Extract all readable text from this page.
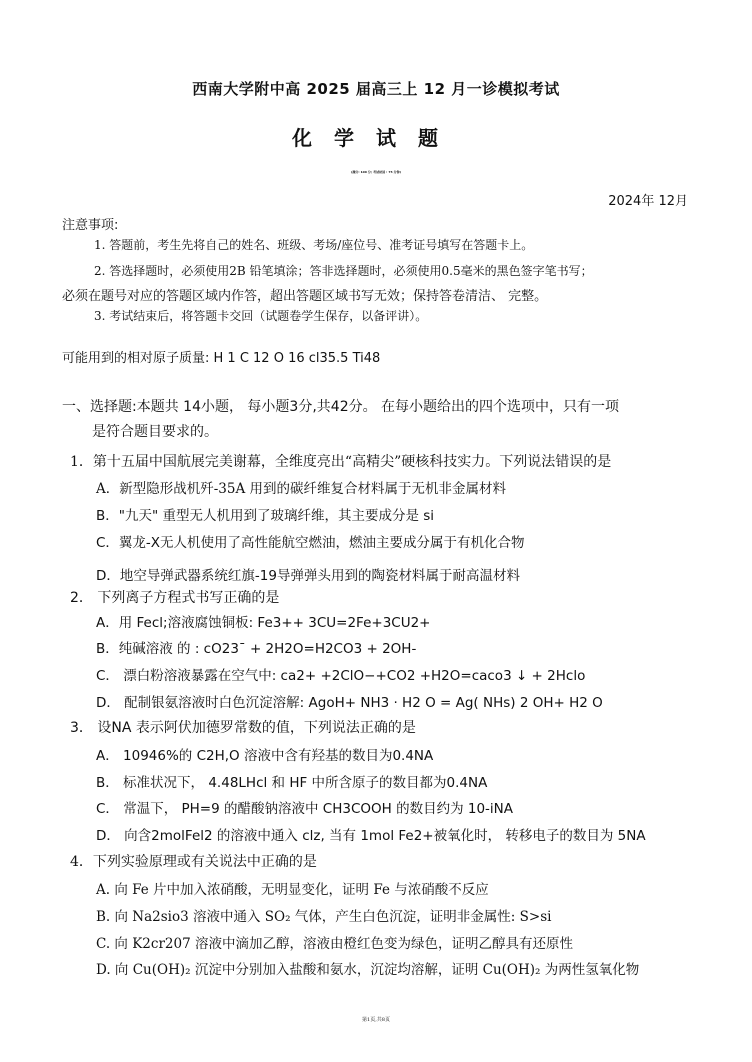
西南大学附中高 2025 届高三上 12 月一诊模拟考试
化学试题
(满分: 100 分; 考试时间 : 75 分钟)
2024年 12月
注意事项:
1. 答题前，考生先将自己的姓名、班级、考场/座位号、准考证号填写在答题卡上。
2. 答选择题时，必须使用2B 铅笔填涂；答非选择题时，必须使用0.5毫米的黑色签字笔书写；
必须在题号对应的答题区域内作答，超出答题区域书写无效；保持答卷清洁、 完整。
3. 考试结束后，将答题卡交回（试题卷学生保存，以备评讲）。
可能用到的相对原子质量: H 1 C 12 O 16 cl35.5 Ti48
一、选择题:本题共 14小题， 每小题3分,共42分。 在每小题给出的四个选项中，只有一项
是符合题目要求的。
1．第十五届中国航展完美谢幕，全维度亮出“高精尖”硬核科技实力。下列说法错误的是
A．新型隐形战机歼-35A 用到的碳纤维复合材料属于无机非金属材料
B．"九天" 重型无人机用到了玻璃纤维，其主要成分是 si
C．翼龙-X无人机使用了高性能航空燃油，燃油主要成分属于有机化合物
D．地空导弹武器系统红旗-19导弹弹头用到的陶瓷材料属于耐高温材料
2． 下列离子方程式书写正确的是
A．用 Fecl;溶液腐蚀铜板: Fe3++ 3CU=2Fe+3CU2+
B．纯碱溶液 的 : cO23¯ + 2H2O=H2CO3 + 2OH-
C． 漂白粉溶液暴露在空气中: ca2+ +2ClO−+CO2 +H2O=caco3 ↓ + 2Hclo
D． 配制银氨溶液时白色沉淀溶解: AgoH+ NH3 · H2 O = Ag( NHs) 2 OH+ H2 O
3． 设NA 表示阿伏加德罗常数的值，下列说法正确的是
A． 10946%的 C2H,O 溶液中含有羟基的数目为0.4NA
B． 标准状况下， 4.48LHcl 和 HF 中所含原子的数目都为0.4NA
C． 常温下， PH=9 的醋酸钠溶液中 CH3COOH 的数目约为 10-iNA
D． 向含2molFel2 的溶液中通入 clz, 当有 1mol Fe2+被氧化时， 转移电子的数目为 5NA
4．下列实验原理或有关说法中正确的是
A. 向 Fe 片中加入浓硝酸，无明显变化，证明 Fe 与浓硝酸不反应
B. 向 Na2sio3 溶液中通入 SO₂ 气体，产生白色沉淀，证明非金属性: S>si
C. 向 K2cr207 溶液中滴加乙醇，溶液由橙红色变为绿色，证明乙醇具有还原性
D. 向 Cu(OH)₂ 沉淀中分别加入盐酸和氨水，沉淀均溶解，证明 Cu(OH)₂ 为两性氢氧化物
第1页,共8页
